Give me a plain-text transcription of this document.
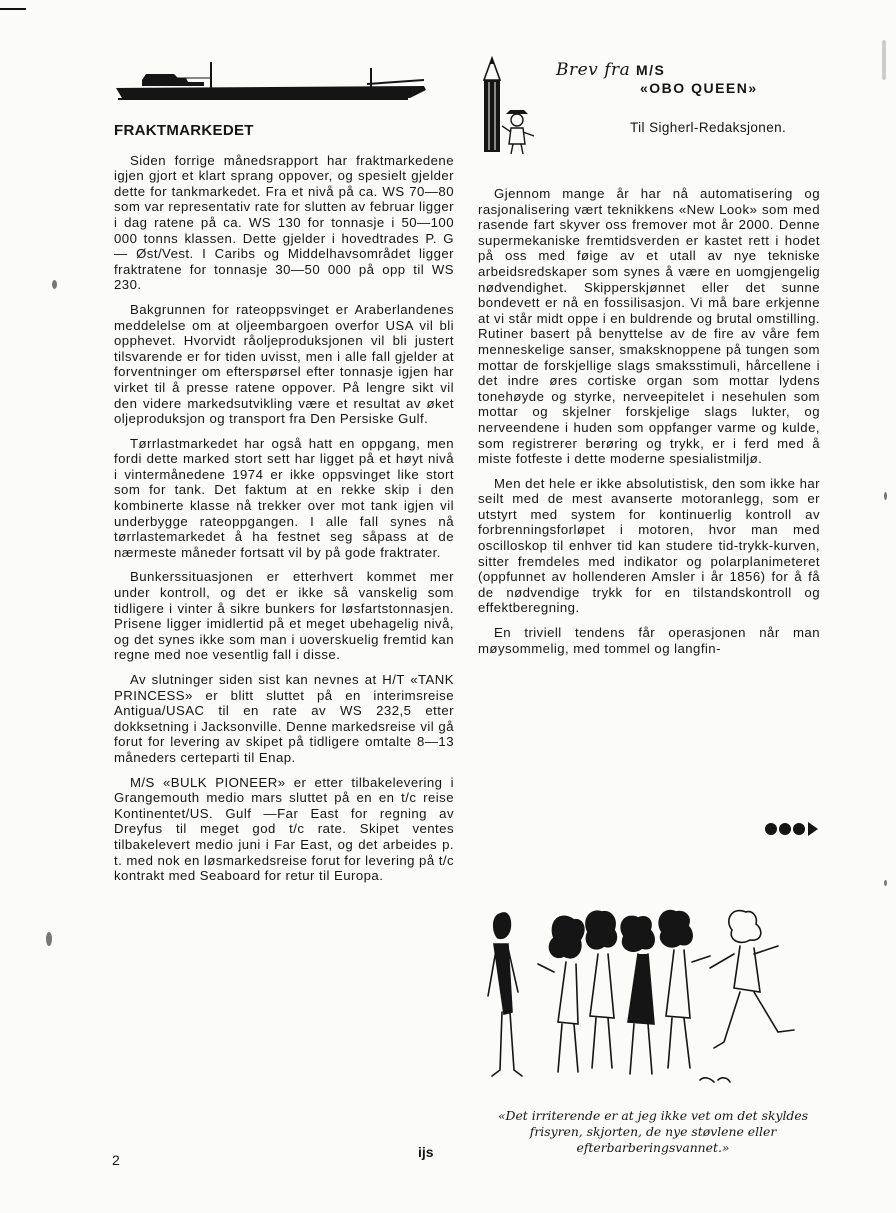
FRAKTMARKEDET

Siden forrige månedsrapport har fraktmarkedene igjen gjort et klart sprang oppover, og spesielt gjelder dette for tankmarkedet. Fra et nivå på ca. WS 70—80 som var representativ rate for slutten av februar ligger i dag ratene på ca. WS 130 for tonnasje i 50—100 000 tonns klassen. Dette gjelder i hovedtrades P. G — Øst/Vest. I Caribs og Middelhavsområdet ligger fraktratene for tonnasje 30—50 000 på opp til WS 230.

Bakgrunnen for rateoppsvinget er Araberlandenes meddelelse om at oljeembargoen overfor USA vil bli opphevet. Hvorvidt råoljeproduksjonen vil bli justert tilsvarende er for tiden uvisst, men i alle fall gjelder at forventninger om efterspørsel efter tonnasje igjen har virket til å presse ratene oppover. På lengre sikt vil den videre markedsutvikling være et resultat av øket oljeproduksjon og transport fra Den Persiske Gulf.

Tørrlastmarkedet har også hatt en oppgang, men fordi dette marked stort sett har ligget på et høyt nivå i vintermånedene 1974 er ikke oppsvinget like stort som for tank. Det faktum at en rekke skip i den kombinerte klasse nå trekker over mot tank igjen vil underbygge rateoppgangen. I alle fall synes nå tørrlastemarkedet å ha festnet seg såpass at de nærmeste måneder fortsatt vil by på gode fraktrater.

Bunkerssituasjonen er etterhvert kommet mer under kontroll, og det er ikke så vanskelig som tidligere i vinter å sikre bunkers for løsfartstonnasjen. Prisene ligger imidlertid på et meget ubehagelig nivå, og det synes ikke som man i uoverskuelig fremtid kan regne med noe vesentlig fall i disse.

Av slutninger siden sist kan nevnes at H/T «TANK PRINCESS» er blitt sluttet på en interimsreise Antigua/USAC til en rate av WS 232,5 etter dokksetning i Jacksonville. Denne markedsreise vil gå forut for levering av skipet på tidligere omtalte 8—13 måneders certeparti til Enap.

M/S «BULK PIONEER» er etter tilbakelevering i Grangemouth medio mars sluttet på en en t/c reise Kontinentet/US. Gulf —Far East for regning av Dreyfus til meget god t/c rate. Skipet ventes tilbakelevert medio juni i Far East, og det arbeides p. t. med nok en løsmarkedsreise forut for levering på t/c kontrakt med Seaboard for retur til Europa.

ijs
2
Brev fra M/S
«OBO QUEEN»
Til Sigherl-Redaksjonen.

Gjennom mange år har nå automatisering og rasjonalisering vært teknikkens «New Look» som med rasende fart skyver oss fremover mot år 2000. Denne supermekaniske fremtidsverden er kastet rett i hodet på oss med føige av et utall av nye tekniske arbeidsredskaper som synes å være en uomgjengelig nødvendighet. Skipperskjønnet eller det sunne bondevett er nå en fossilisasjon. Vi må bare erkjenne at vi står midt oppe i en buldrende og brutal omstilling. Rutiner basert på benyttelse av de fire av våre fem menneskelige sanser, smaksknoppene på tungen som mottar de forskjellige slags smaksstimuli, hårcellene i det indre øres cortiske organ som mottar lydens tonehøyde og styrke, nerveepitelet i nesehulen som mottar og skjelner forskjelige slags lukter, og nerveendene i huden som oppfanger varme og kulde, som registrerer berøring og trykk, er i ferd med å miste fotfeste i dette moderne spesialistmiljø.

Men det hele er ikke absolutistisk, den som ikke har seilt med de mest avanserte motoranlegg, som er utstyrt med system for kontinuerlig kontroll av forbrenningsforløpet i motoren, hvor man med oscilloskop til enhver tid kan studere tid-trykk-kurven, sitter fremdeles med indikator og polarplanimeteret (oppfunnet av hollenderen Amsler i år 1856) for å få de nødvendige trykk for en tilstandskontroll og effektberegning.

En triviell tendens får operasjonen når man møysommelig, med tommel og langfin-

«Det irriterende er at jeg ikke vet om det skyldes frisyren, skjorten, de nye støvlene eller efterbarberingsvannet.»
